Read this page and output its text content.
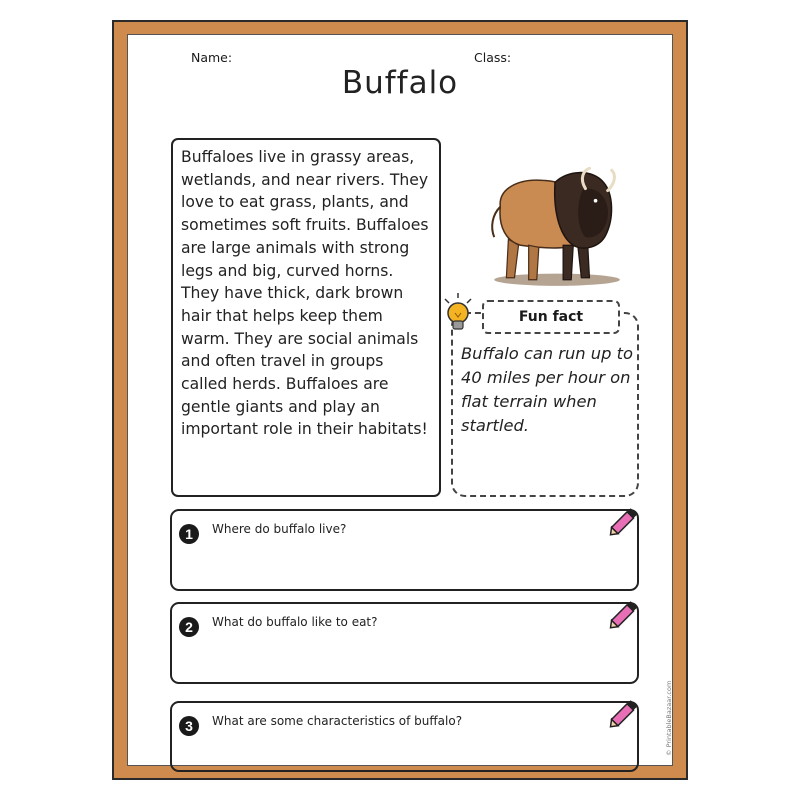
Name:	Class:
Buffalo
Buffaloes live in grassy areas, wetlands, and near rivers. They love to eat grass, plants, and sometimes soft fruits. Buffaloes are large animals with strong legs and big, curved horns. They have thick, dark brown hair that helps keep them warm. They are social animals and often travel in groups called herds. Buffaloes are gentle giants and play an important role in their habitats!
Fun fact
Buffalo can run up to 40 miles per hour on flat terrain when startled.
1 Where do buffalo live?
2 What do buffalo like to eat?
3 What are some characteristics of buffalo?	© PrintableBazaar.com
